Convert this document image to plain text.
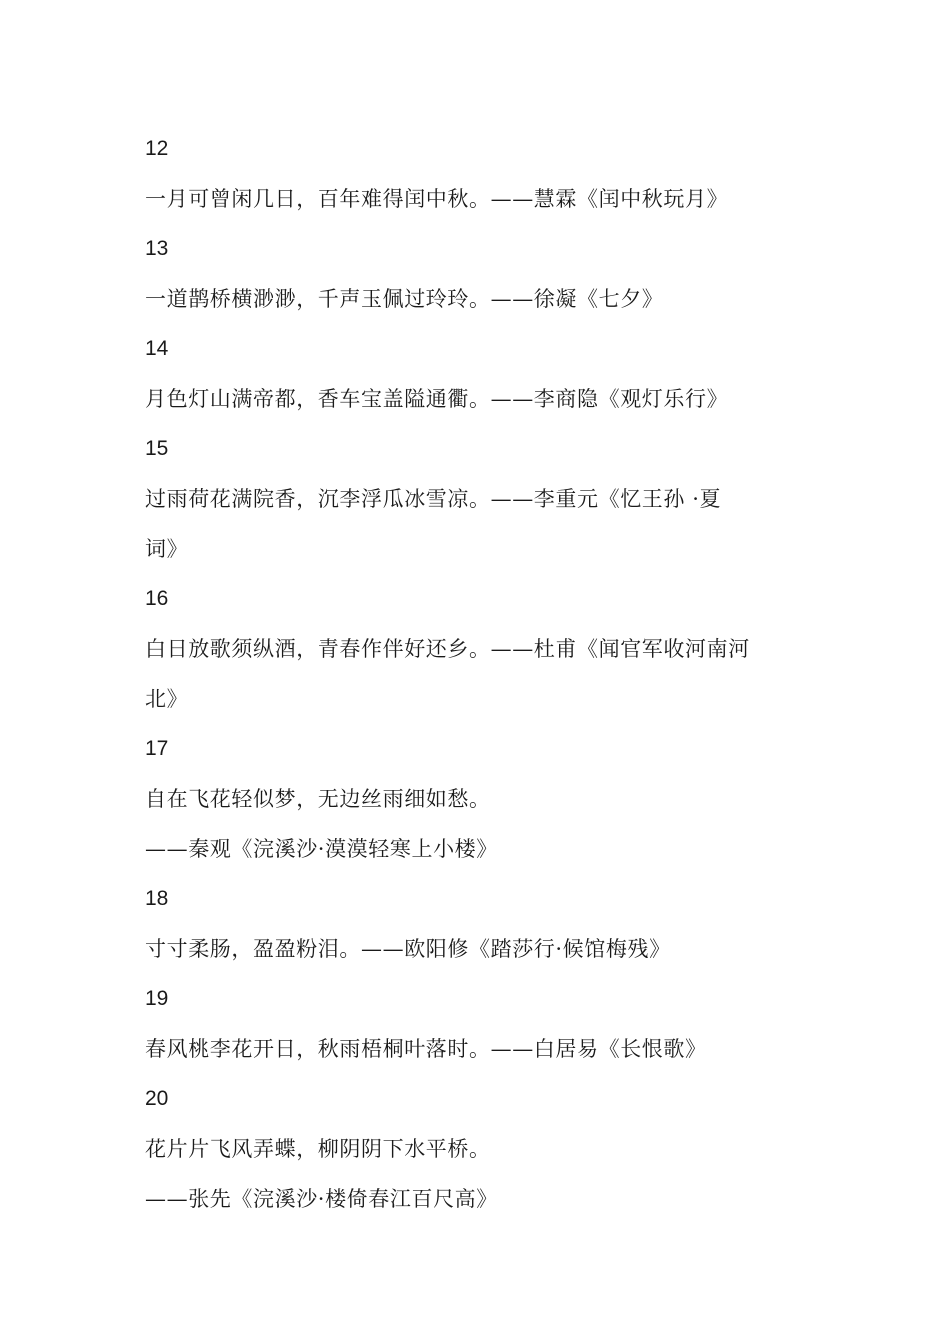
12
一月可曾闲几日，百年难得闰中秋。——慧霖《闰中秋玩月》
13
一道鹊桥横渺渺，千声玉佩过玲玲。——徐凝《七夕》
14
月色灯山满帝都，香车宝盖隘通衢。——李商隐《观灯乐行》
15
过雨荷花满院香，沉李浮瓜冰雪凉。——李重元《忆王孙 ·夏
词》
16
白日放歌须纵酒，青春作伴好还乡。——杜甫《闻官军收河南河
北》
17
自在飞花轻似梦，无边丝雨细如愁。
——秦观《浣溪沙·漠漠轻寒上小楼》
18
寸寸柔肠，盈盈粉泪。——欧阳修《踏莎行·候馆梅残》
19
春风桃李花开日，秋雨梧桐叶落时。——白居易《长恨歌》
20
花片片飞风弄蝶，柳阴阴下水平桥。
——张先《浣溪沙·楼倚春江百尺高》
